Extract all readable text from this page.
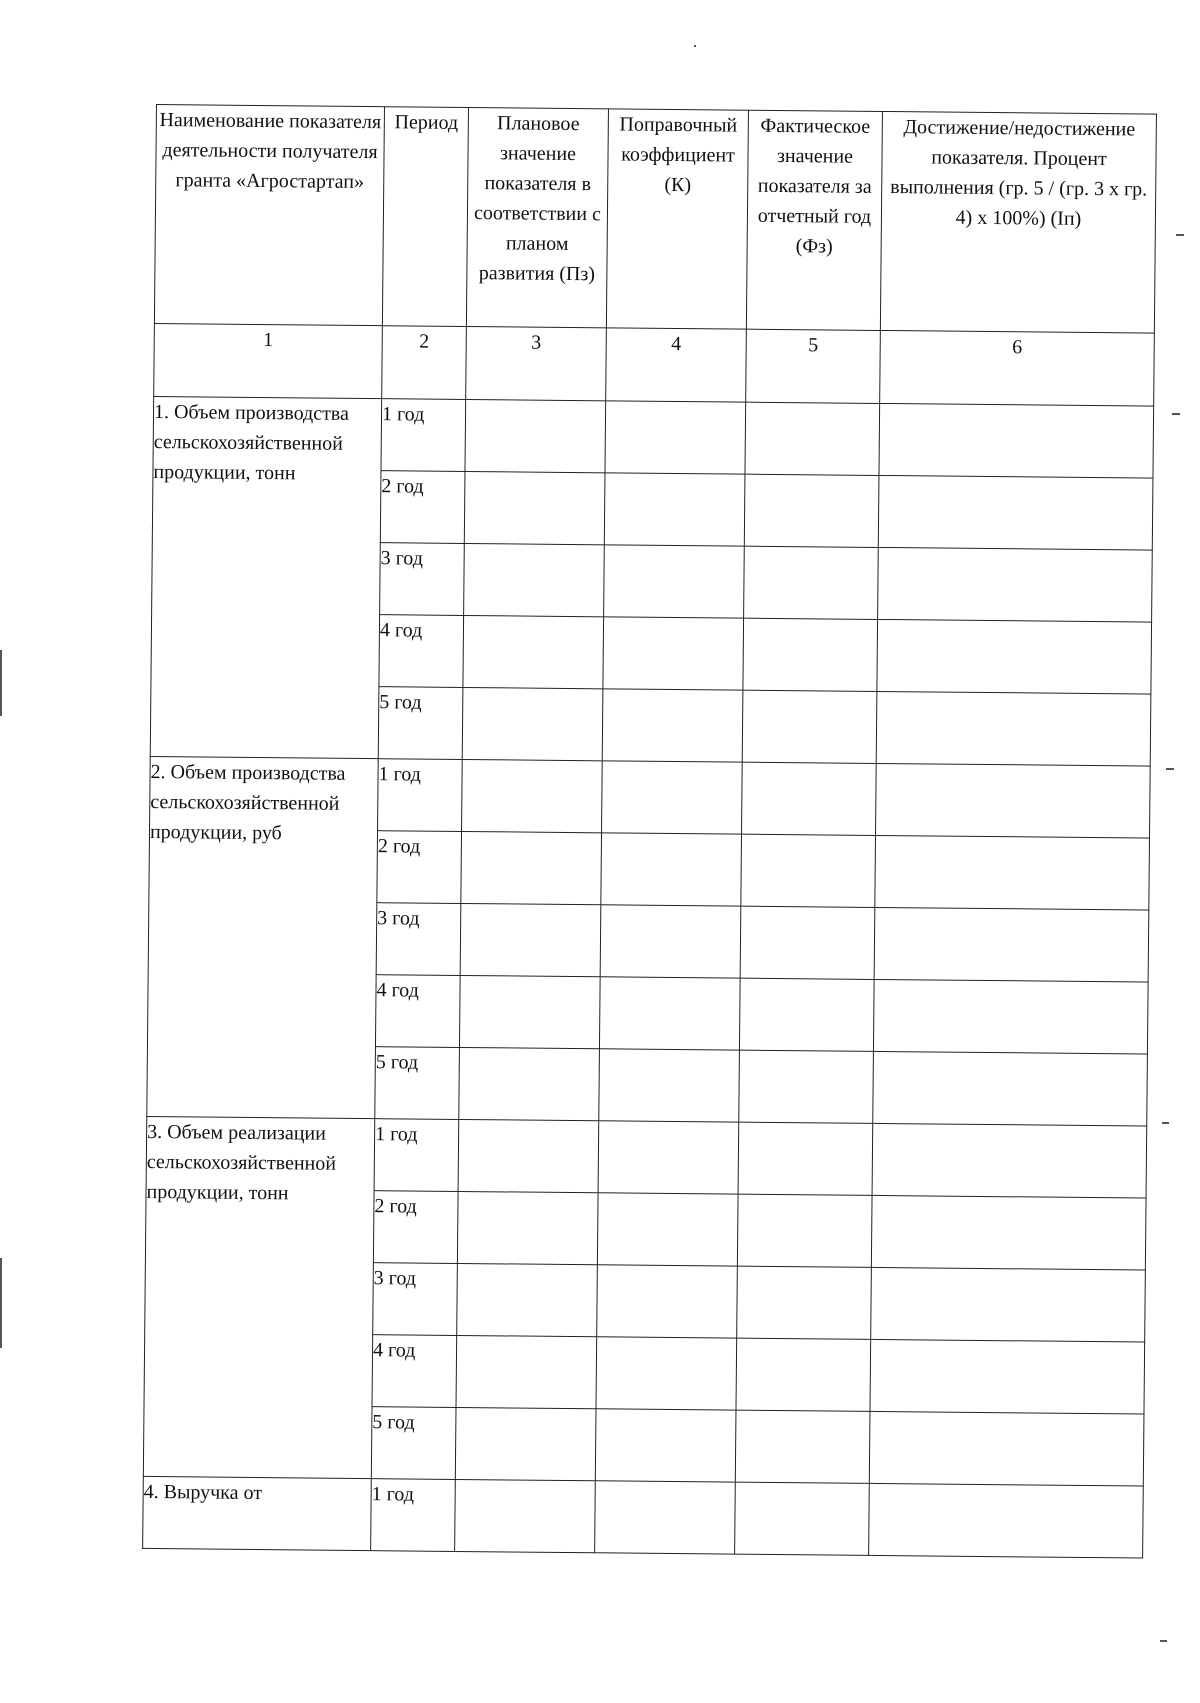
Наименование показателя деятельности получателя гранта «Агростартап»	Период	Плановое значение показателя в соответствии с планом развития (Пз)	Поправочный коэффициент (К)	Фактическое значение показателя за отчетный год (Фз)	Достижение/недостижение показателя. Процент выполнения (гр. 5 / (гр. 3 х гр. 4) х 100%) (Iп)
1	2	3	4	5	6
1. Объем производства сельскохозяйственной продукции, тонн	1 год				
	2 год				
	3 год				
	4 год				
	5 год				
2. Объем производства сельскохозяйственной продукции, руб	1 год				
	2 год				
	3 год				
	4 год				
	5 год				
3. Объем реализации сельскохозяйственной продукции, тонн	1 год				
	2 год				
	3 год				
	4 год				
	5 год				
4. Выручка от	1 год				
